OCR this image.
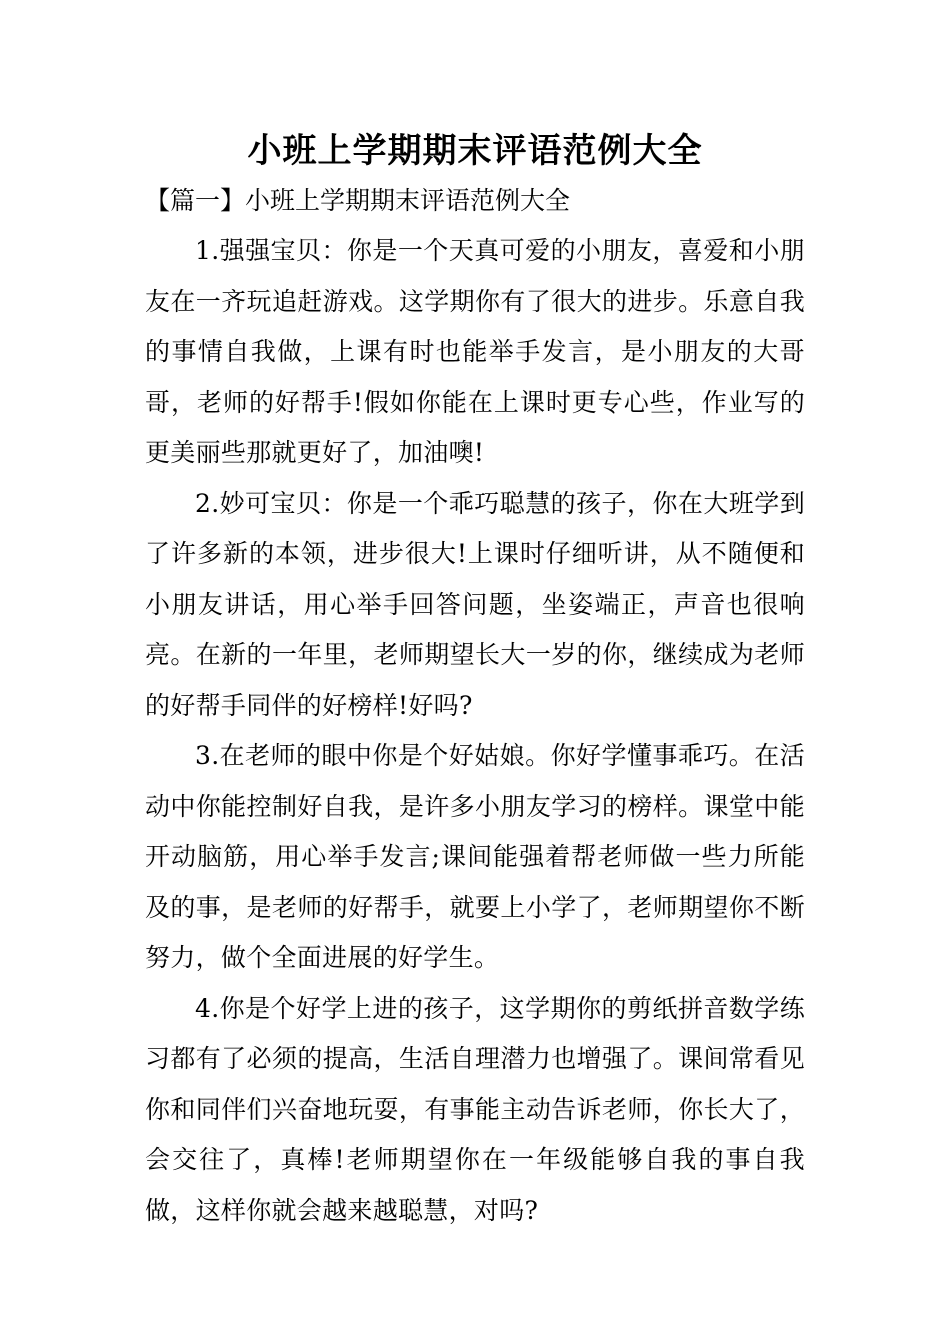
小班上学期期末评语范例大全
【篇一】小班上学期期末评语范例大全

1.强强宝贝：你是一个天真可爱的小朋友，喜爱和小朋友在一齐玩追赶游戏。这学期你有了很大的进步。乐意自我的事情自我做，上课有时也能举手发言，是小朋友的大哥哥，老师的好帮手!假如你能在上课时更专心些，作业写的更美丽些那就更好了，加油噢!

2.妙可宝贝：你是一个乖巧聪慧的孩子，你在大班学到了许多新的本领，进步很大!上课时仔细听讲，从不随便和小朋友讲话，用心举手回答问题，坐姿端正，声音也很响亮。在新的一年里，老师期望长大一岁的你，继续成为老师的好帮手同伴的好榜样!好吗?

3.在老师的眼中你是个好姑娘。你好学懂事乖巧。在活动中你能控制好自我，是许多小朋友学习的榜样。课堂中能开动脑筋，用心举手发言;课间能强着帮老师做一些力所能及的事，是老师的好帮手，就要上小学了，老师期望你不断努力，做个全面进展的好学生。

4.你是个好学上进的孩子，这学期你的剪纸拼音数学练习都有了必须的提高，生活自理潜力也增强了。课间常看见你和同伴们兴奋地玩耍，有事能主动告诉老师，你长大了，会交往了，真棒!老师期望你在一年级能够自我的事自我做，这样你就会越来越聪慧，对吗?
